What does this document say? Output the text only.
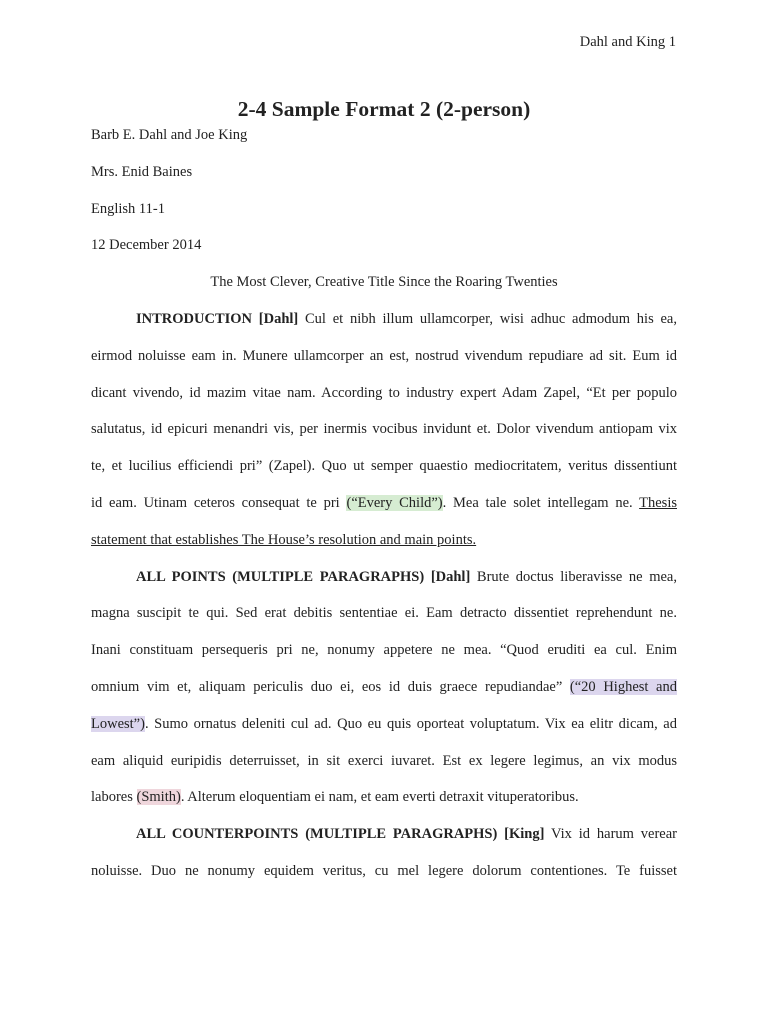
Dahl and King 1
2-4 Sample Format 2 (2-person)
Barb E. Dahl and Joe King
Mrs. Enid Baines
English 11-1
12 December 2014
The Most Clever, Creative Title Since the Roaring Twenties
INTRODUCTION [Dahl] Cul et nibh illum ullamcorper, wisi adhuc admodum his ea,
eirmod noluisse eam in. Munere ullamcorper an est, nostrud vivendum repudiare ad sit. Eum id
dicant vivendo, id mazim vitae nam. According to industry expert Adam Zapel, “Et per populo
salutatus, id epicuri menandri vis, per inermis vocibus invidunt et. Dolor vivendum antiopam vix
te, et lucilius efficiendi pri” (Zapel). Quo ut semper quaestio mediocritatem, veritus dissentiunt
id eam. Utinam ceteros consequat te pri (“Every Child”). Mea tale solet intellegam ne. Thesis
statement that establishes The House’s resolution and main points.
ALL POINTS (MULTIPLE PARAGRAPHS) [Dahl] Brute doctus liberavisse ne mea,
magna suscipit te qui. Sed erat debitis sententiae ei. Eam detracto dissentiet reprehendunt ne.
Inani constituam persequeris pri ne, nonumy appetere ne mea. “Quod eruditi ea cul. Enim
omnium vim et, aliquam periculis duo ei, eos id duis graece repudiandae” (“20 Highest and
Lowest”). Sumo ornatus deleniti cul ad. Quo eu quis oporteat voluptatum. Vix ea elitr dicam, ad
eam aliquid euripidis deterruisset, in sit exerci iuvaret. Est ex legere legimus, an vix modus
labores (Smith). Alterum eloquentiam ei nam, et eam everti detraxit vituperatoribus.
ALL COUNTERPOINTS (MULTIPLE PARAGRAPHS) [King] Vix id harum verear
noluisse. Duo ne nonumy equidem veritus, cu mel legere dolorum contentiones. Te fuisset
